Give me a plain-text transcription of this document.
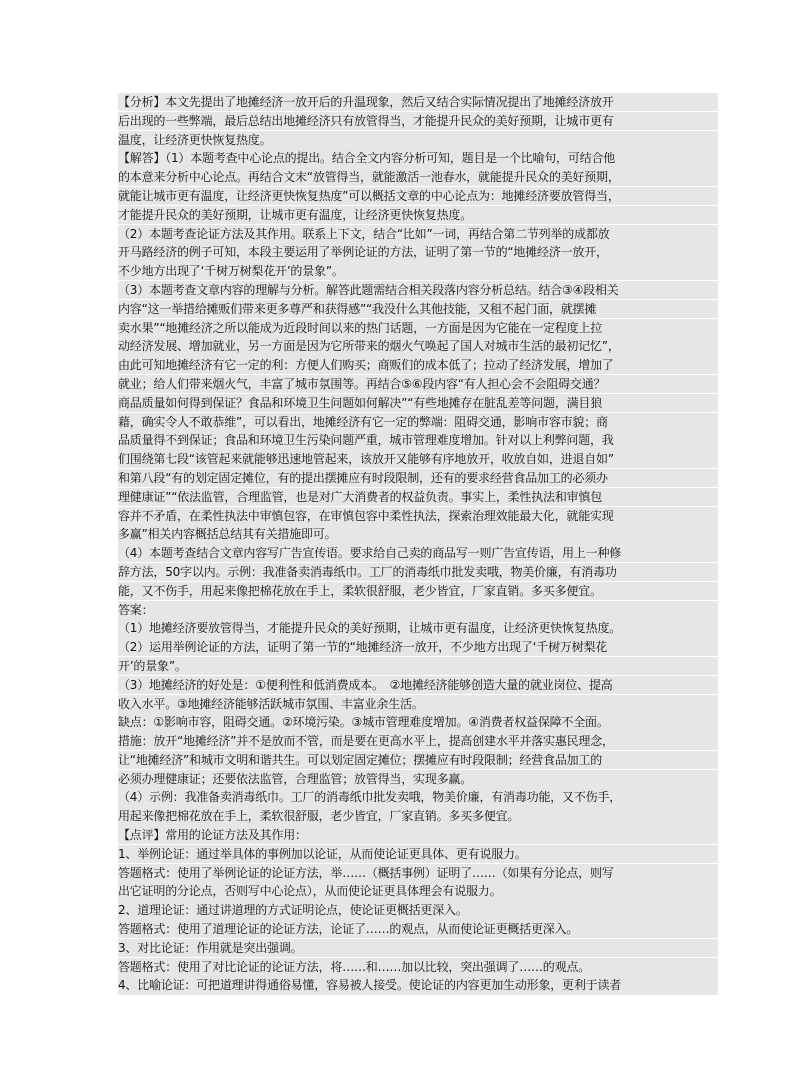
【分析】本文先提出了地摊经济一放开后的升温现象，然后又结合实际情况提出了地摊经济放开
后出现的一些弊端，最后总结出地摊经济只有放管得当，才能提升民众的美好预期，让城市更有
温度，让经济更快恢复热度。
【解答】（1）本题考查中心论点的提出。结合全文内容分析可知，题目是一个比喻句，可结合他
的本意来分析中心论点。再结合文末“放管得当，就能激活一池春水，就能提升民众的美好预期，
就能让城市更有温度，让经济更快恢复热度”可以概括文章的中心论点为：地摊经济要放管得当，
才能提升民众的美好预期，让城市更有温度，让经济更快恢复热度。
（2）本题考查论证方法及其作用。联系上下文，结合“比如”一词，再结合第二节列举的成都放
开马路经济的例子可知，本段主要运用了举例论证的方法，证明了第一节的“地摊经济一放开，
不少地方出现了‘千树万树梨花开’的景象”。
（3）本题考查文章内容的理解与分析。解答此题需结合相关段落内容分析总结。结合③④段相关
内容“这一举措给摊贩们带来更多尊严和获得感”“我没什么其他技能，又租不起门面，就摆摊
卖水果”“地摊经济之所以能成为近段时间以来的热门话题，一方面是因为它能在一定程度上拉
动经济发展、增加就业，另一方面是因为它所带来的烟火气唤起了国人对城市生活的最初记忆”，
由此可知地摊经济有它一定的利：方便人们购买；商贩们的成本低了；拉动了经济发展，增加了
就业；给人们带来烟火气，丰富了城市氛围等。再结合⑤⑥段内容“有人担心会不会阻碍交通？
商品质量如何得到保证？食品和环境卫生问题如何解决”“有些地摊存在脏乱差等问题，满目狼
藉，确实令人不敢恭维”，可以看出，地摊经济有它一定的弊端：阻碍交通，影响市容市貌；商
品质量得不到保证；食品和环境卫生污染问题严重，城市管理难度增加。针对以上利弊问题，我
们围绕第七段“该管起来就能够迅速地管起来，该放开又能够有序地放开，收放自如，进退自如”
和第八段“有的划定固定摊位，有的提出摆摊应有时段限制，还有的要求经营食品加工的必须办
理健康证”“依法监管，合理监管，也是对广大消费者的权益负责。事实上，柔性执法和审慎包
容并不矛盾，在柔性执法中审慎包容，在审慎包容中柔性执法，探索治理效能最大化，就能实现
多赢”相关内容概括总结其有关措施即可。
（4）本题考查结合文章内容写广告宣传语。要求给自己卖的商品写一则广告宣传语，用上一种修
辞方法，50字以内。示例：我准备卖消毒纸巾。工厂的消毒纸巾批发卖哦，物美价廉，有消毒功
能，又不伤手，用起来像把棉花放在手上，柔软很舒服，老少皆宜，厂家直销。多买多便宜。
答案：
（1）地摊经济要放管得当，才能提升民众的美好预期，让城市更有温度，让经济更快恢复热度。
（2）运用举例论证的方法，证明了第一节的“地摊经济一放开，不少地方出现了‘千树万树梨花
开’的景象”。
（3）地摊经济的好处是：①便利性和低消费成本。　②地摊经济能够创造大量的就业岗位、提高
收入水平。③地摊经济能够活跃城市氛围、丰富业余生活。
缺点：①影响市容，阻碍交通。②环境污染。③城市管理难度增加。④消费者权益保障不全面。
措施：放开“地摊经济”并不是放而不管，而是要在更高水平上，提高创建水平并落实惠民理念，
让“地摊经济”和城市文明和谐共生。可以划定固定摊位；摆摊应有时段限制；经营食品加工的
必须办理健康证；还要依法监管，合理监管；放管得当，实现多赢。
（4）示例：我准备卖消毒纸巾。工厂的消毒纸巾批发卖哦，物美价廉，有消毒功能，又不伤手，
用起来像把棉花放在手上，柔软很舒服，老少皆宜，厂家直销。多买多便宜。
【点评】常用的论证方法及其作用：
1、举例论证：通过举具体的事例加以论证，从而使论证更具体、更有说服力。
答题格式：使用了举例论证的论证方法，举……（概括事例）证明了……（如果有分论点，则写
出它证明的分论点，否则写中心论点），从而使论证更具体理会有说服力。
2、道理论证：通过讲道理的方式证明论点，使论证更概括更深入。
答题格式：使用了道理论证的论证方法，论证了……的观点，从而使论证更概括更深入。
3、对比论证：作用就是突出强调。
答题格式：使用了对比论证的论证方法，将……和……加以比较，突出强调了……的观点。
4、比喻论证：可把道理讲得通俗易懂，容易被人接受。使论证的内容更加生动形象，更利于读者
